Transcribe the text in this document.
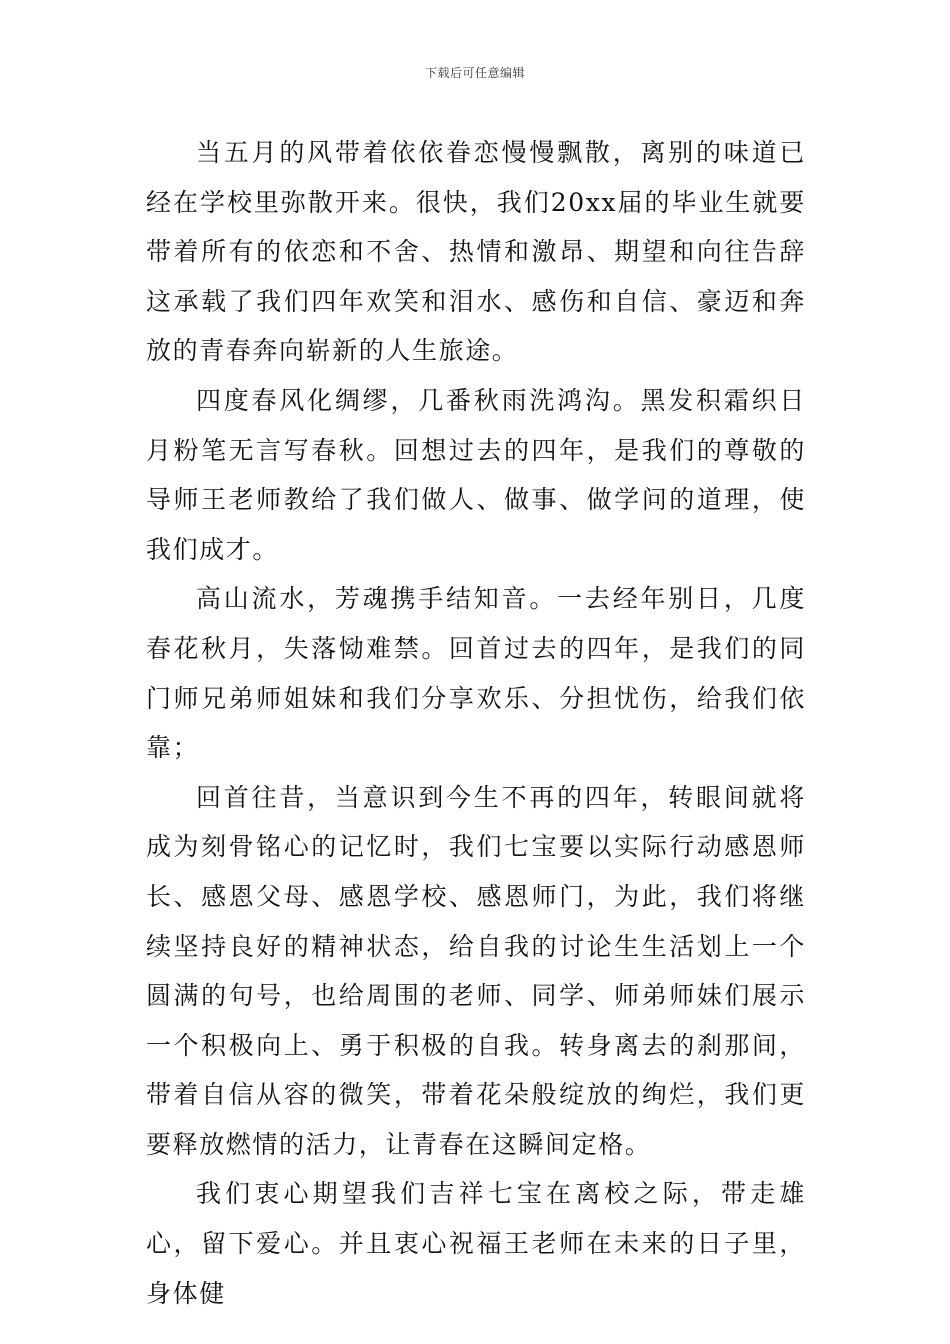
下载后可任意编辑

当五月的风带着依依眷恋慢慢飘散，离别的味道已经在学校里弥散开来。很快，我们20xx届的毕业生就要带着所有的依恋和不舍、热情和激昂、期望和向往告辞这承载了我们四年欢笑和泪水、感伤和自信、豪迈和奔放的青春奔向崭新的人生旅途。

四度春风化绸缪，几番秋雨洗鸿沟。黑发积霜织日月粉笔无言写春秋。回想过去的四年，是我们的尊敬的导师王老师教给了我们做人、做事、做学问的道理，使我们成才。

高山流水，芳魂携手结知音。一去经年别日，几度春花秋月，失落恸难禁。回首过去的四年，是我们的同门师兄弟师姐妹和我们分享欢乐、分担忧伤，给我们依靠；

回首往昔，当意识到今生不再的四年，转眼间就将成为刻骨铭心的记忆时，我们七宝要以实际行动感恩师长、感恩父母、感恩学校、感恩师门，为此，我们将继续坚持良好的精神状态，给自我的讨论生生活划上一个圆满的句号，也给周围的老师、同学、师弟师妹们展示一个积极向上、勇于积极的自我。转身离去的刹那间，带着自信从容的微笑，带着花朵般绽放的绚烂，我们更要释放燃情的活力，让青春在这瞬间定格。

我们衷心期望我们吉祥七宝在离校之际，带走雄心，留下爱心。并且衷心祝福王老师在未来的日子里，身体健
